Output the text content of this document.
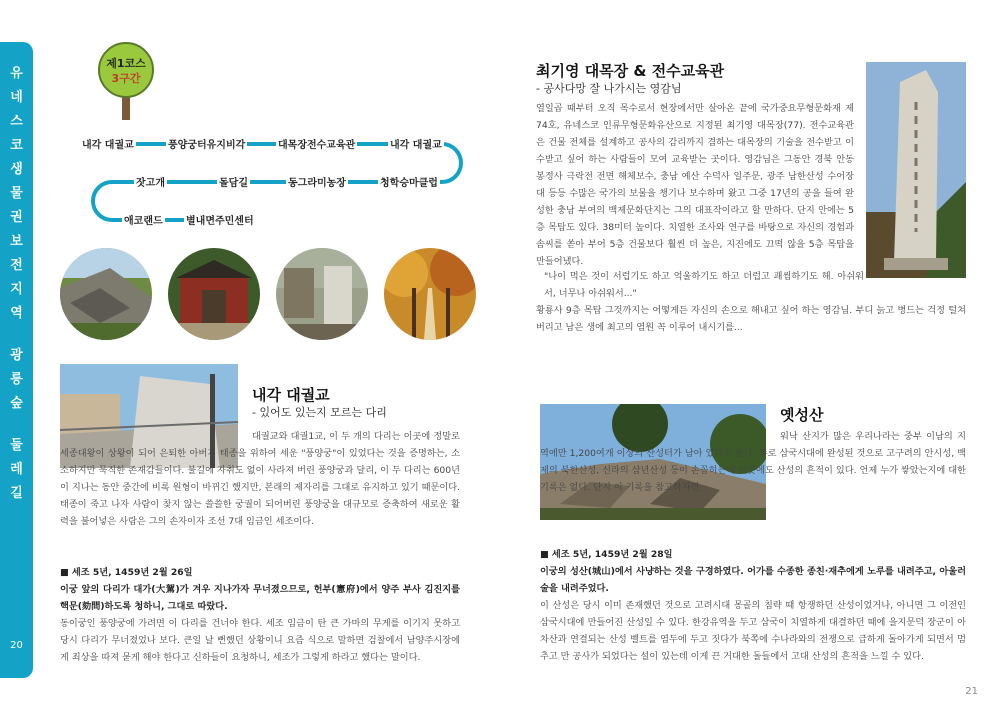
유
네
스
코
생
물
권
보
전
지
역
광
릉
숲
둘
레
길
20
21
제1코스
3구간
내각 대궐교	풍양궁터유지비각	대목장전수교육관	내각 대궐교
잣고개	돌담길	동그라미농장	청학승마클럽
애코랜드 별내면주민센터
최기영 대목장 & 전수교육관
- 공사다망 잘 나가시는 영감님

열일곱 때부터 오직 목수로서 현장에서만 살아온 끝에 국가중요무형문화재 제74호, 유네스코 인류무형문화유산으로 지정된 최기영 대목장(77). 전수교육관은 건물 전체를 설계하고 공사의 감리까지 겸하는 대목장의 기술을 전수받고 이수받고 싶어 하는 사람들이 모여 교육받는 곳이다. 영감님은 그동안 경북 안동 봉정사 극락전 전면 해체보수, 충남 예산 수덕사 일주문, 광주 남한산성 수어장대 등등 수많은 국가의 보물을 챙기나 보수하며 왔고 그중 17년의 공을 들여 완성한 충남 부여의 백제문화단지는 그의 대표작이라고 할 만하다. 단지 안에는 5층 목탑도 있다. 38미터 높이다. 치열한 조사와 연구를 바탕으로 자신의 경험과 솜씨를 쏟아 부어 5층 건물보다 훨씬 더 높은, 지진에도 끄떡 않을 5층 목탑을 만들어냈다.

"나이 먹은 것이 서럽기도 하고 억울하기도 하고 더럽고 괘씸하기도 해. 아쉬워서, 너무나 아쉬워서..."
황룡사 9층 목탑 그것까지는 어떻게든 자신의 손으로 해내고 싶어 하는 영감님. 부디 늙고 병드는 걱정 털쳐버리고 남은 생에 최고의 염원 꼭 이루어 내시기를...
내각 대궐교
- 있어도 있는지 모르는 다리
대궐교와 대궐1교, 이 두 개의 다리는 이곳에 정말로 세종대왕이 상왕이 되어 은퇴한 아버지 태종을 위하여 세운 "풍양궁"이 있었다는 것을 증명하는, 소소하지만 묵직한 존재감들이다. 불길에 자취도 없이 사라져 버린 풍양궁과 달리, 이 두 다리는 600년이 지나는 동안 중간에 비록 원형이 바뀌긴 했지만, 본래의 제자리를 그대로 유지하고 있기 때문이다. 태종이 죽고 나자 사람이 찾지 않는 쓸쓸한 궁궐이 되어버린 풍양궁을 대규모로 증축하여 새로운 활력을 불어넣은 사람은 그의 손자이자 조선 7대 임금인 세조이다.
■ 세조 5년, 1459년 2월 26일
이궁 앞의 다리가 대가(大駕)가 겨우 지나가자 무너졌으므로, 헌부(憲府)에서 양주 부사 김진지를 핵문(劾問)하도록 청하니, 그대로 따랐다.
동이궁인 풍양궁에 가려면 이 다리를 건너야 한다. 세조 임금이 탄 큰 가마의 무게를 이기지 못하고 당시 다리가 무너졌었나 보다. 큰일 날 뻔했던 상황이니 요즘 식으로 말하면 검찰에서 남양주시장에게 죄상을 따져 묻게 해야 한다고 신하들이 요청하니, 세조가 그렇게 하라고 했다는 말이다.
옛성산
워낙 산지가 많은 우리나라는 중부 이남의 지역에만 1,200여개 이상의 산성터가 남아 있다고 한다. 주로 삼국시대에 완성된 것으로 고구려의 안시성, 백제의 북한산성, 신라의 삼년산성 등이 손꼽히는데 이곳에도 산성의 흔적이 있다. 언제 누가 쌓았는지에 대한 기록은 없다. 단지 이 기록을 참고하자면
■ 세조 5년, 1459년 2월 28일
이궁의 성산(城山)에서 사냥하는 것을 구경하였다. 어가를 수종한 종친·재추에게 노루를 내려주고, 아울러 술을 내려주었다.
이 산성은 당시 이미 존재했던 것으로 고려시대 몽골의 침략 때 항쟁하던 산성이었거나, 아니면 그 이전인 삼국시대에 만들어진 산성일 수 있다. 한강유역을 두고 삼국이 치열하게 대결하던 때에 을지문덕 장군이 아차산과 연결되는 산성 벨트를 염두에 두고 짓다가 북쪽에 수나라와의 전쟁으로 급하게 돌아가게 되면서 멈추고 만 공사가 되었다는 설이 있는데 이게 끈 거대한 돌들에서 고대 산성의 흔적을 느낄 수 있다.
